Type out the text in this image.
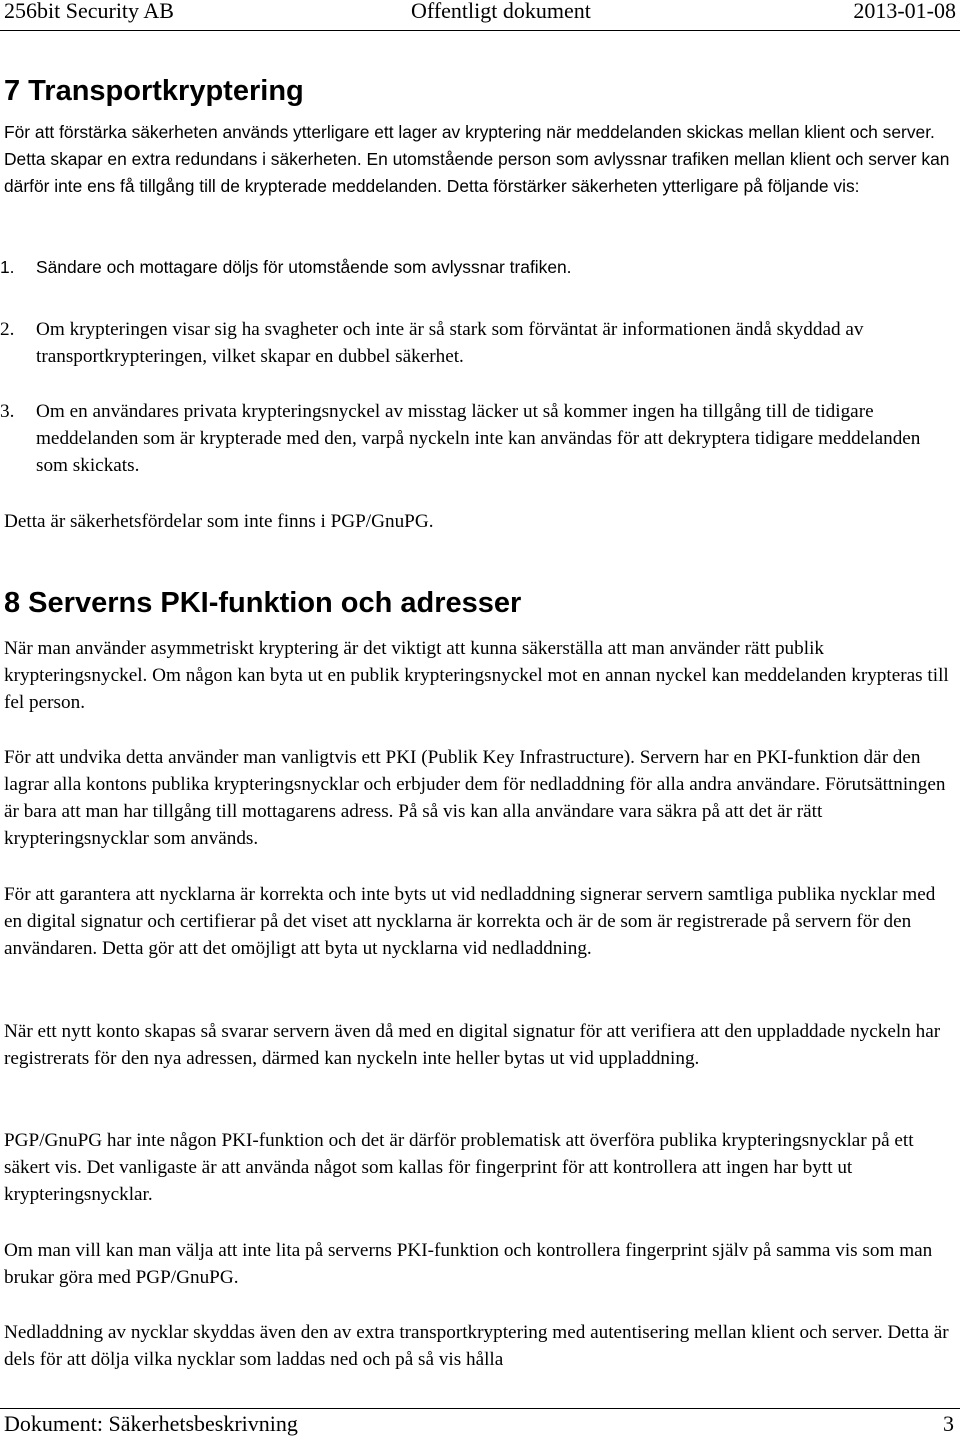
256bit Security AB	Offentligt dokument	2013-01-08
7 Transportkryptering

För att förstärka säkerheten används ytterligare ett lager av kryptering när meddelanden skickas mellan klient och server. Detta skapar en extra redundans i säkerheten. En utomstående person som avlyssnar trafiken mellan klient och server kan därför inte ens få tillgång till de krypterade meddelanden. Detta förstärker säkerheten ytterligare på följande vis:

1. Sändare och mottagare döljs för utomstående som avlyssnar trafiken.
2. Om krypteringen visar sig ha svagheter och inte är så stark som förväntat är informationen ändå skyddad av transportkrypteringen, vilket skapar en dubbel säkerhet.
3. Om en användares privata krypteringsnyckel av misstag läcker ut så kommer ingen ha tillgång till de tidigare meddelanden som är krypterade med den, varpå nyckeln inte kan användas för att dekryptera tidigare meddelanden som skickats.

Detta är säkerhetsfördelar som inte finns i PGP/GnuPG.

8 Serverns PKI-funktion och adresser

När man använder asymmetriskt kryptering är det viktigt att kunna säkerställa att man använder rätt publik krypteringsnyckel. Om någon kan byta ut en publik krypteringsnyckel mot en annan nyckel kan meddelanden krypteras till fel person.

För att undvika detta använder man vanligtvis ett PKI (Publik Key Infrastructure). Servern har en PKI-funktion där den lagrar alla kontons publika krypteringsnycklar och erbjuder dem för nedladdning för alla andra användare. Förutsättningen är bara att man har tillgång till mottagarens adress. På så vis kan alla användare vara säkra på att det är rätt krypteringsnycklar som används.

För att garantera att nycklarna är korrekta och inte byts ut vid nedladdning signerar servern samtliga publika nycklar med en digital signatur och certifierar på det viset att nycklarna är korrekta och är de som är registrerade på servern för den användaren. Detta gör att det omöjligt att byta ut nycklarna vid nedladdning.

När ett nytt konto skapas så svarar servern även då med en digital signatur för att verifiera att den uppladdade nyckeln har registrerats för den nya adressen, därmed kan nyckeln inte heller bytas ut vid uppladdning.

PGP/GnuPG har inte någon PKI-funktion och det är därför problematisk att överföra publika krypteringsnycklar på ett säkert vis. Det vanligaste är att använda något som kallas för fingerprint för att kontrollera att ingen har bytt ut krypteringsnycklar.

Om man vill kan man välja att inte lita på serverns PKI-funktion och kontrollera fingerprint själv på samma vis som man brukar göra med PGP/GnuPG.

Nedladdning av nycklar skyddas även den av extra transportkryptering med autentisering mellan klient och server. Detta är dels för att dölja vilka nycklar som laddas ned och på så vis hålla

Dokument: Säkerhetsbeskrivning	3
